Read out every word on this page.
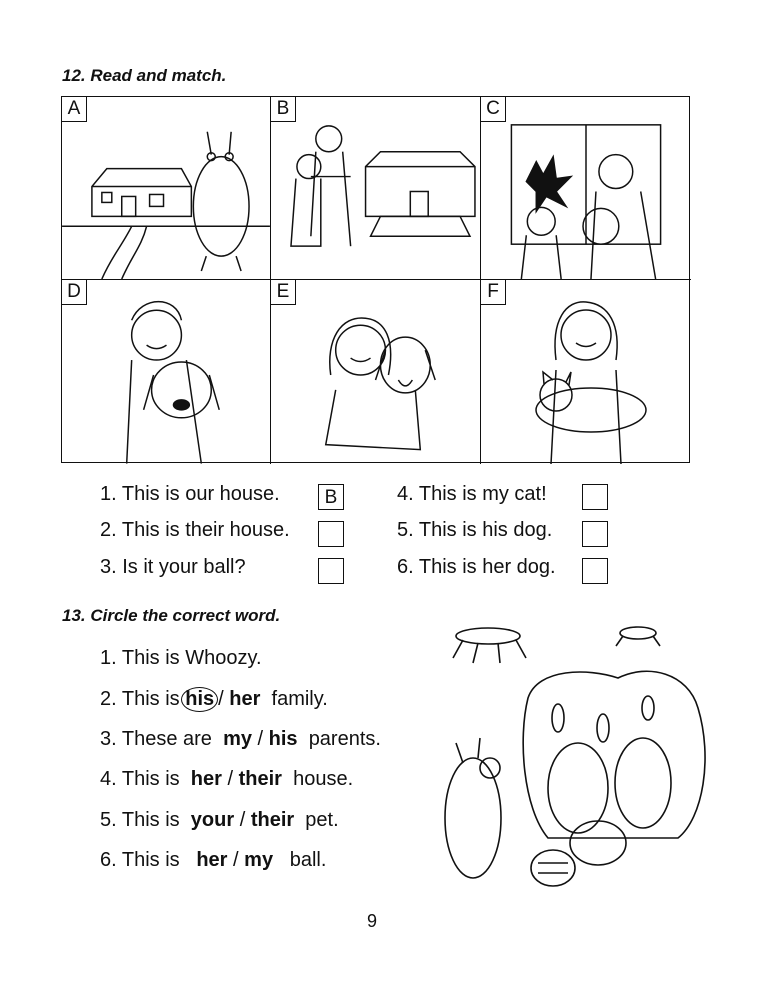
12. Read and match.
A	B	C
D	E	F
1. This is our house.	B
2. This is their house.
3. Is it your ball?
4. This is my cat!
5. This is his dog.
6. This is her dog.
13. Circle the correct word.
1. This is Whoozy.
2. This is his / her family.
3. These are my / his parents.
4. This is her / their house.
5. This is your / their pet.
6. This is her / my ball.
9
